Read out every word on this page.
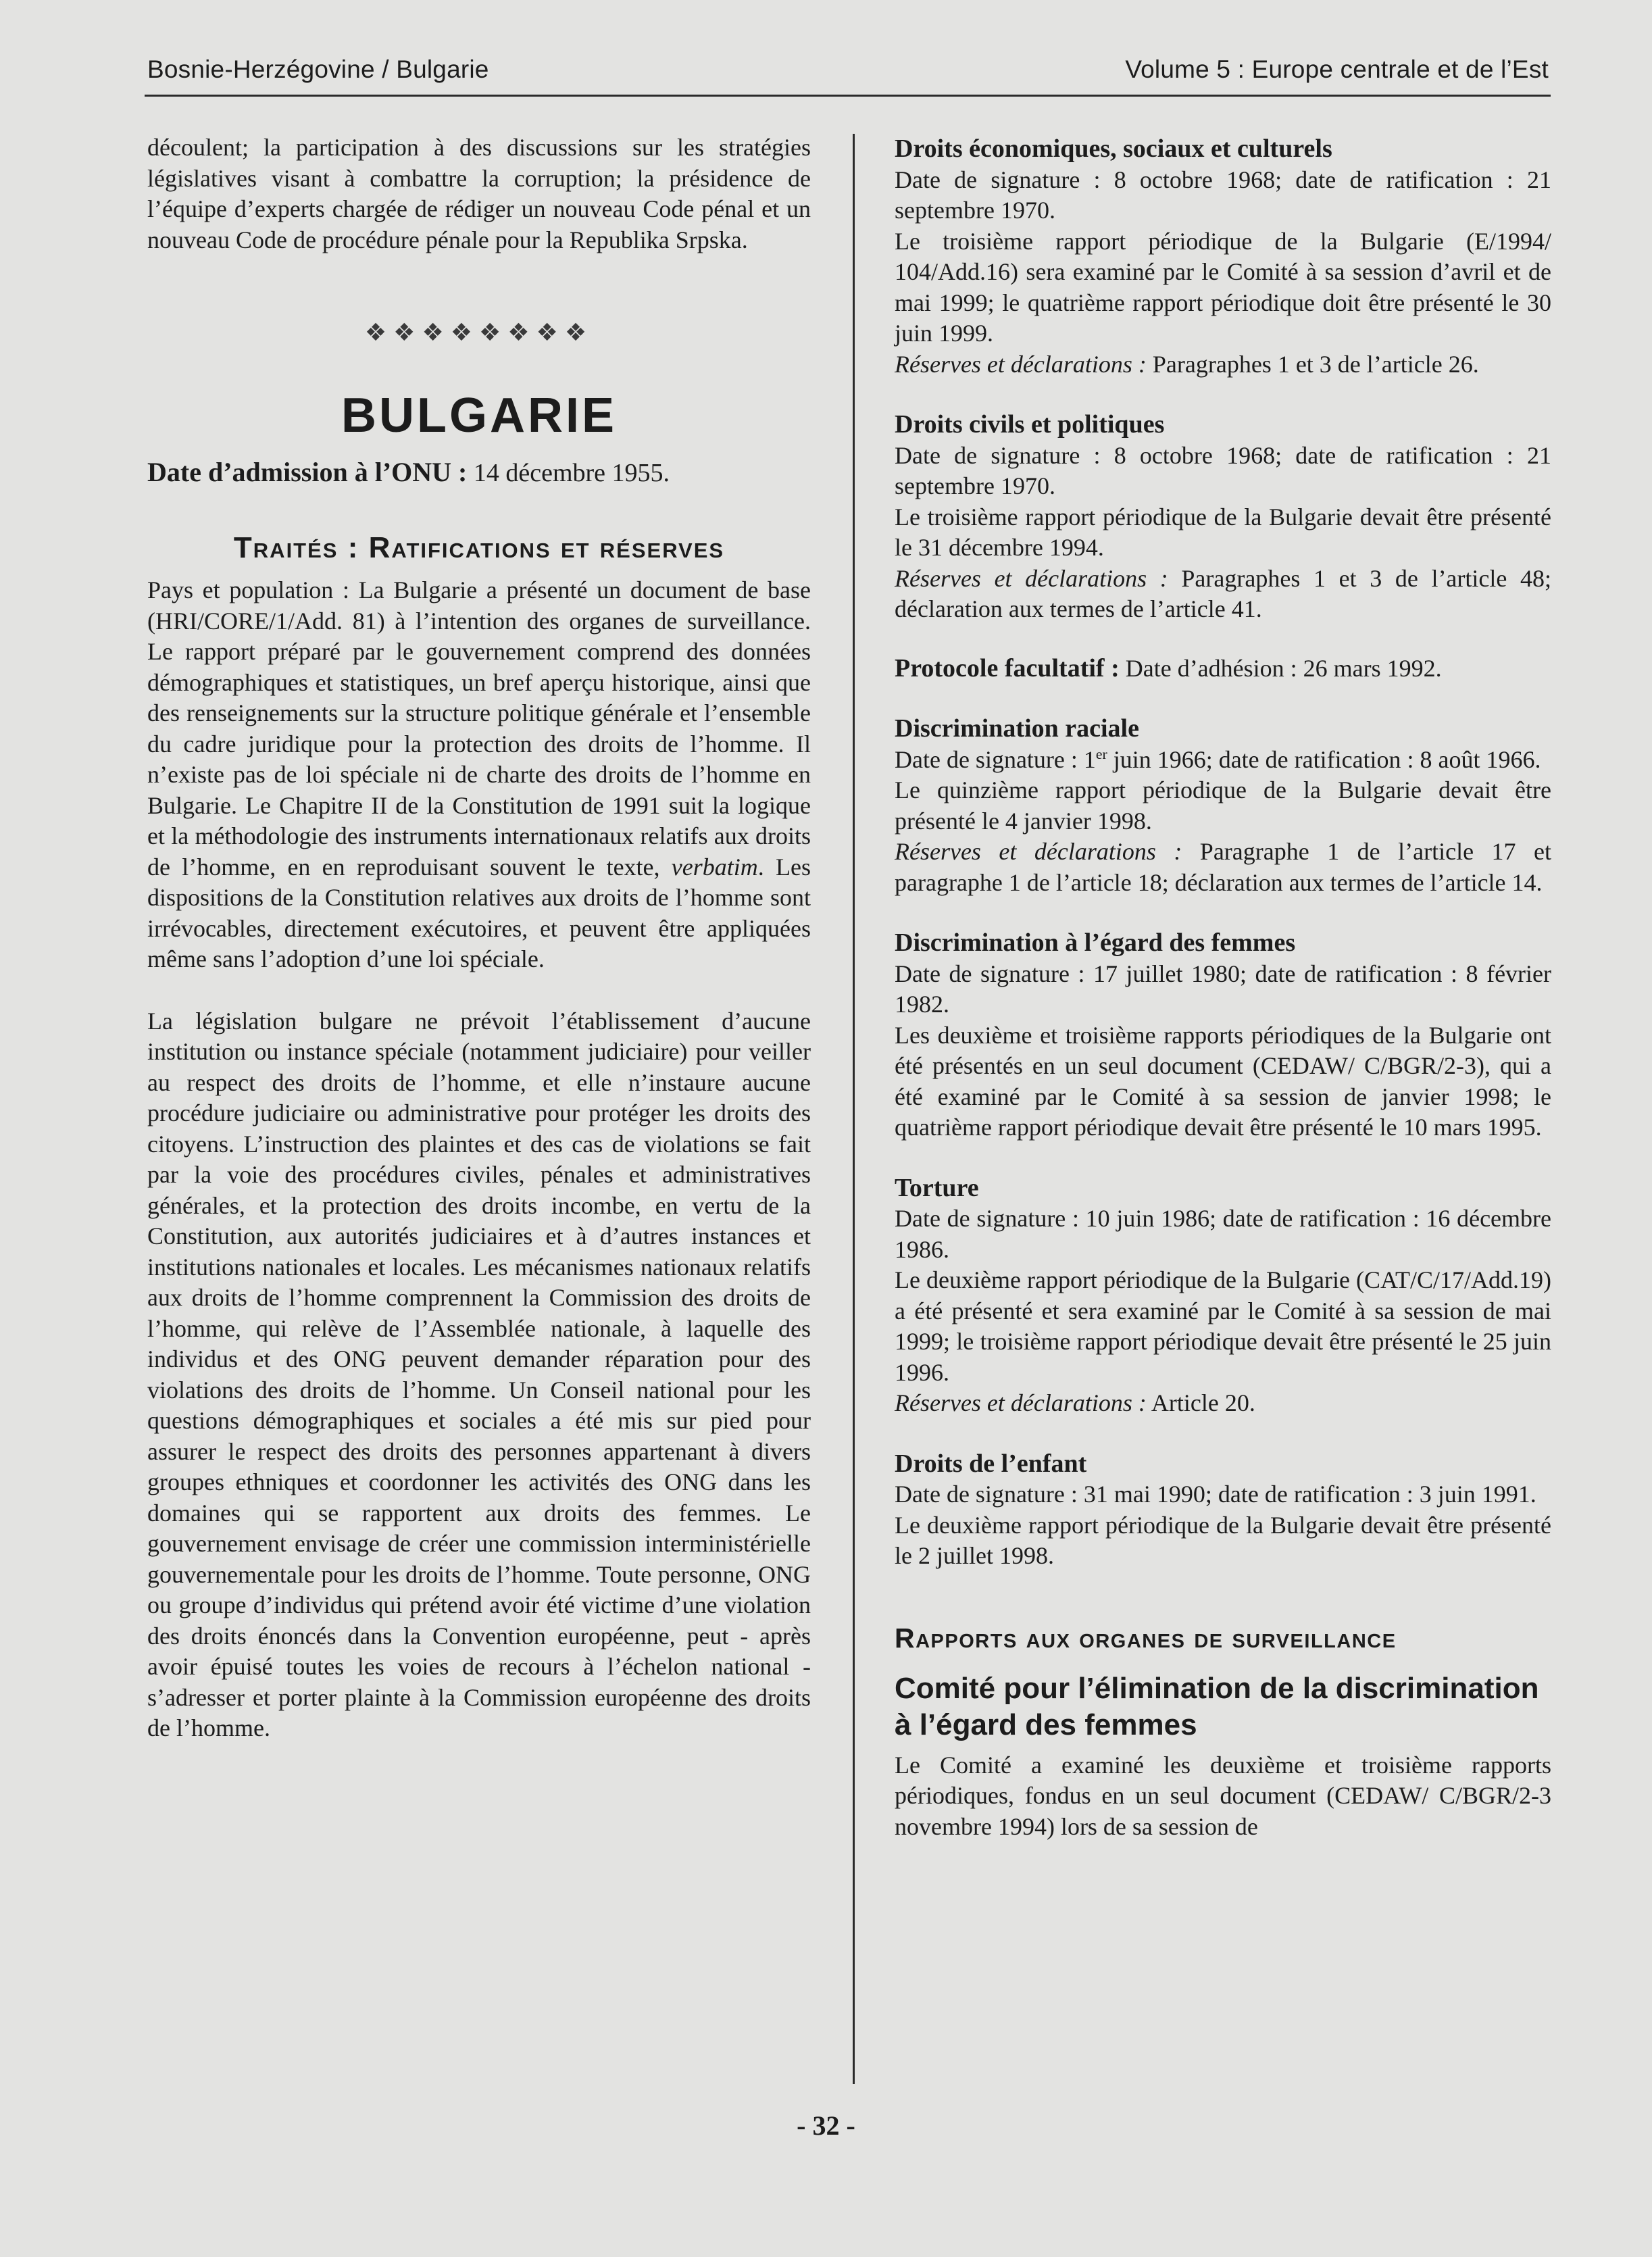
Bosnie-Herzégovine / Bulgarie	Volume 5 : Europe centrale et de l’Est

découlent; la participation à des discussions sur les stratégies législatives visant à combattre la corruption; la présidence de l’équipe d’experts chargée de rédiger un nouveau Code pénal et un nouveau Code de procédure pénale pour la Republika Srpska.

❖❖❖❖❖❖❖❖
BULGARIE

Date d’admission à l’ONU : 14 décembre 1955.

Traités : Ratifications et réserves

Pays et population : La Bulgarie a présenté un document de base (HRI/CORE/1/Add. 81) à l’intention des organes de surveillance. Le rapport préparé par le gouvernement comprend des données démographiques et statistiques, un bref aperçu historique, ainsi que des renseignements sur la structure politique générale et l’ensemble du cadre juridique pour la protection des droits de l’homme. Il n’existe pas de loi spéciale ni de charte des droits de l’homme en Bulgarie. Le Chapitre II de la Constitution de 1991 suit la logique et la méthodologie des instruments internationaux relatifs aux droits de l’homme, en en reproduisant souvent le texte, verbatim. Les dispositions de la Constitution relatives aux droits de l’homme sont irrévocables, directement exécutoires, et peuvent être appliquées même sans l’adoption d’une loi spéciale.

La législation bulgare ne prévoit l’établissement d’aucune institution ou instance spéciale (notamment judiciaire) pour veiller au respect des droits de l’homme, et elle n’instaure aucune procédure judiciaire ou administrative pour protéger les droits des citoyens. L’instruction des plaintes et des cas de violations se fait par la voie des procédures civiles, pénales et administratives générales, et la protection des droits incombe, en vertu de la Constitution, aux autorités judiciaires et à d’autres instances et institutions nationales et locales. Les mécanismes nationaux relatifs aux droits de l’homme comprennent la Commission des droits de l’homme, qui relève de l’Assemblée nationale, à laquelle des individus et des ONG peuvent demander réparation pour des violations des droits de l’homme. Un Conseil national pour les questions démographiques et sociales a été mis sur pied pour assurer le respect des droits des personnes appartenant à divers groupes ethniques et coordonner les activités des ONG dans les domaines qui se rapportent aux droits des femmes. Le gouvernement envisage de créer une commission interministérielle gouvernementale pour les droits de l’homme. Toute personne, ONG ou groupe d’individus qui prétend avoir été victime d’une violation des droits énoncés dans la Convention européenne, peut - après avoir épuisé toutes les voies de recours à l’échelon national - s’adresser et porter plainte à la Commission européenne des droits de l’homme.

Droits économiques, sociaux et culturels

Date de signature : 8 octobre 1968; date de ratification : 21 septembre 1970.

Le troisième rapport périodique de la Bulgarie (E/1994/ 104/Add.16) sera examiné par le Comité à sa session d’avril et de mai 1999; le quatrième rapport périodique doit être présenté le 30 juin 1999.

Réserves et déclarations : Paragraphes 1 et 3 de l’article 26.

Droits civils et politiques

Date de signature : 8 octobre 1968; date de ratification : 21 septembre 1970.

Le troisième rapport périodique de la Bulgarie devait être présenté le 31 décembre 1994.

Réserves et déclarations : Paragraphes 1 et 3 de l’article 48; déclaration aux termes de l’article 41.

Protocole facultatif : Date d’adhésion : 26 mars 1992.

Discrimination raciale

Date de signature : 1er juin 1966; date de ratification : 8 août 1966.

Le quinzième rapport périodique de la Bulgarie devait être présenté le 4 janvier 1998.

Réserves et déclarations : Paragraphe 1 de l’article 17 et paragraphe 1 de l’article 18; déclaration aux termes de l’article 14.

Discrimination à l’égard des femmes

Date de signature : 17 juillet 1980; date de ratification : 8 février 1982.

Les deuxième et troisième rapports périodiques de la Bulgarie ont été présentés en un seul document (CEDAW/ C/BGR/2-3), qui a été examiné par le Comité à sa session de janvier 1998; le quatrième rapport périodique devait être présenté le 10 mars 1995.

Torture

Date de signature : 10 juin 1986; date de ratification : 16 décembre 1986.

Le deuxième rapport périodique de la Bulgarie (CAT/C/17/Add.19) a été présenté et sera examiné par le Comité à sa session de mai 1999; le troisième rapport périodique devait être présenté le 25 juin 1996.

Réserves et déclarations : Article 20.

Droits de l’enfant

Date de signature : 31 mai 1990; date de ratification : 3 juin 1991.

Le deuxième rapport périodique de la Bulgarie devait être présenté le 2 juillet 1998.

Rapports aux organes de surveillance
Comité pour l’élimination de la discrimination à l’égard des femmes

Le Comité a examiné les deuxième et troisième rapports périodiques, fondus en un seul document (CEDAW/ C/BGR/2-3 novembre 1994) lors de sa session de

- 32 -
